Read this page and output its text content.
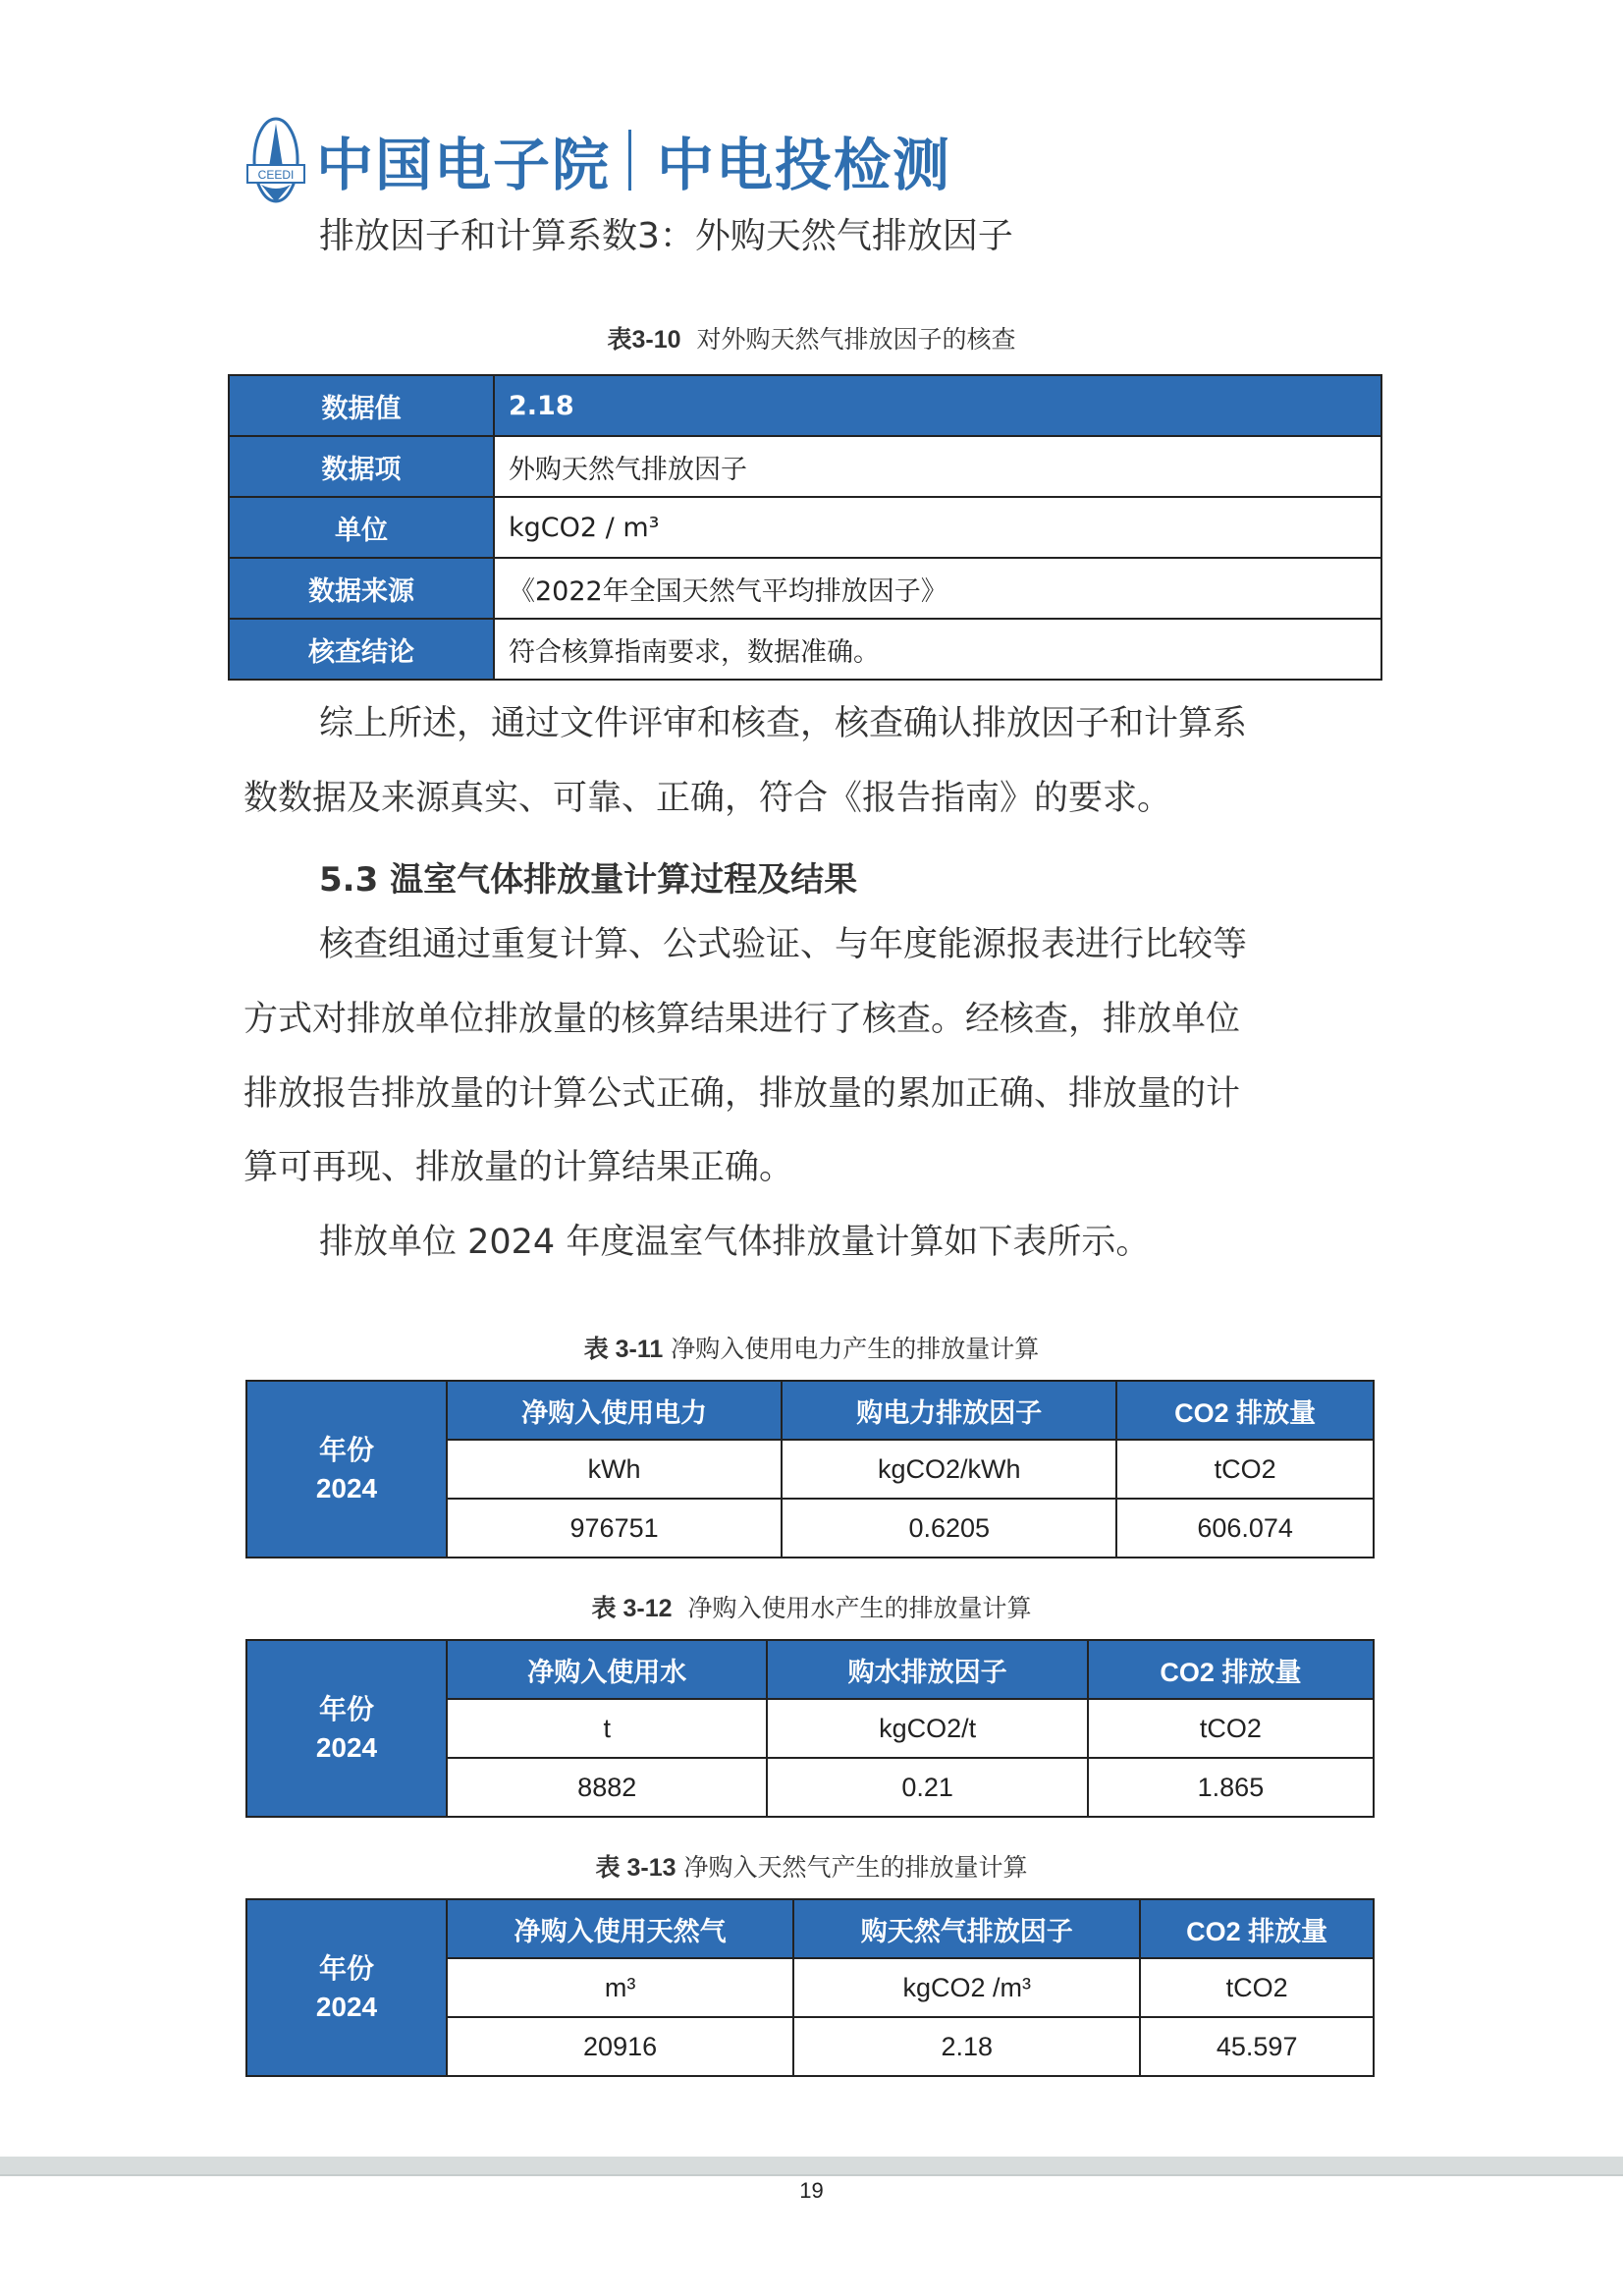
CEEDI 中国电子院 中电投检测
排放因子和计算系数3：外购天然气排放因子
表3-10 对外购天然气排放因子的核查
数据值	2.18
数据项	外购天然气排放因子
单位	kgCO2 / m³
数据来源	《2022年全国天然气平均排放因子》
核查结论	符合核算指南要求，数据准确。
综上所述，通过文件评审和核查，核查确认排放因子和计算系
数数据及来源真实、可靠、正确，符合《报告指南》的要求。
5.3 温室气体排放量计算过程及结果
核查组通过重复计算、公式验证、与年度能源报表进行比较等
方式对排放单位排放量的核算结果进行了核查。经核查，排放单位
排放报告排放量的计算公式正确，排放量的累加正确、排放量的计
算可再现、排放量的计算结果正确。
排放单位 2024 年度温室气体排放量计算如下表所示。
表 3-11 净购入使用电力产生的排放量计算
年份
2024	净购入使用电力	购电力排放因子	CO2 排放量
	kWh	kgCO2/kWh	tCO2
	976751	0.6205	606.074
表 3-12 净购入使用水产生的排放量计算
年份
2024	净购入使用水	购水排放因子	CO2 排放量
	t	kgCO2/t	tCO2
	8882	0.21	1.865
表 3-13 净购入天然气产生的排放量计算
年份
2024	净购入使用天然气	购天然气排放因子	CO2 排放量
	m³	kgCO2 /m³	tCO2
	20916	2.18	45.597
19
